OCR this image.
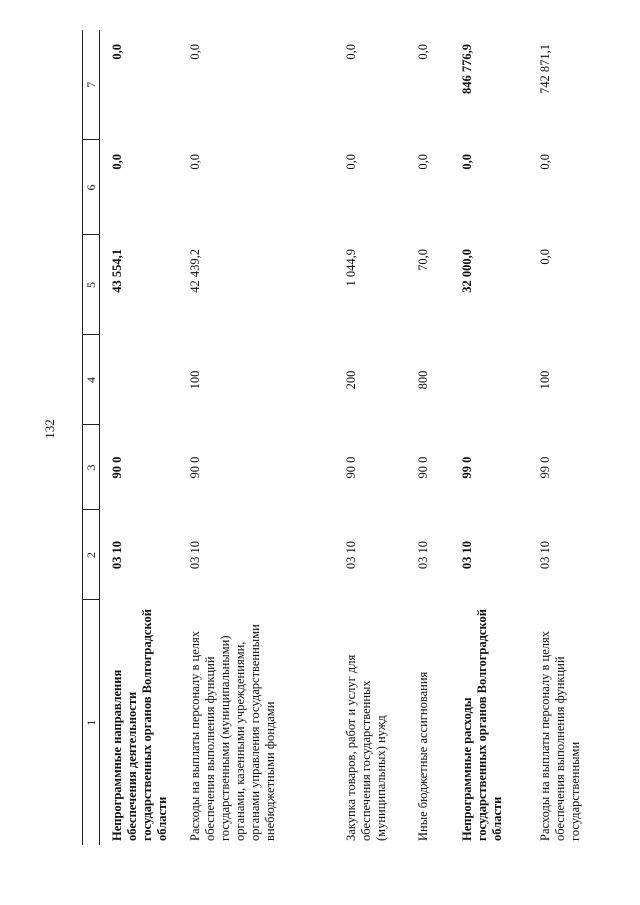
132
1	2	3	4	5	6	7
Непрограммные направления обеспечения деятельности государственных органов Волгоградской области	03 10	90 0		43 554,1	0,0	0,0
Расходы на выплаты персоналу в целях обеспечения выполнения функций государственными (муниципальными) органами, казенными учреждениями, органами управления государственными внебюджетными фондами	03 10	90 0	100	42 439,2	0,0	0,0
Закупка товаров, работ и услуг для обеспечения государственных (муниципальных) нужд	03 10	90 0	200	1 044,9	0,0	0,0
Иные бюджетные ассигнования	03 10	90 0	800	70,0	0,0	0,0
Непрограммные расходы государственных органов Волгоградской области	03 10	99 0		32 000,0	0,0	846 776,9
Расходы на выплаты персоналу в целях обеспечения выполнения функций государственными	03 10	99 0	100	0,0	0,0	742 871,1
